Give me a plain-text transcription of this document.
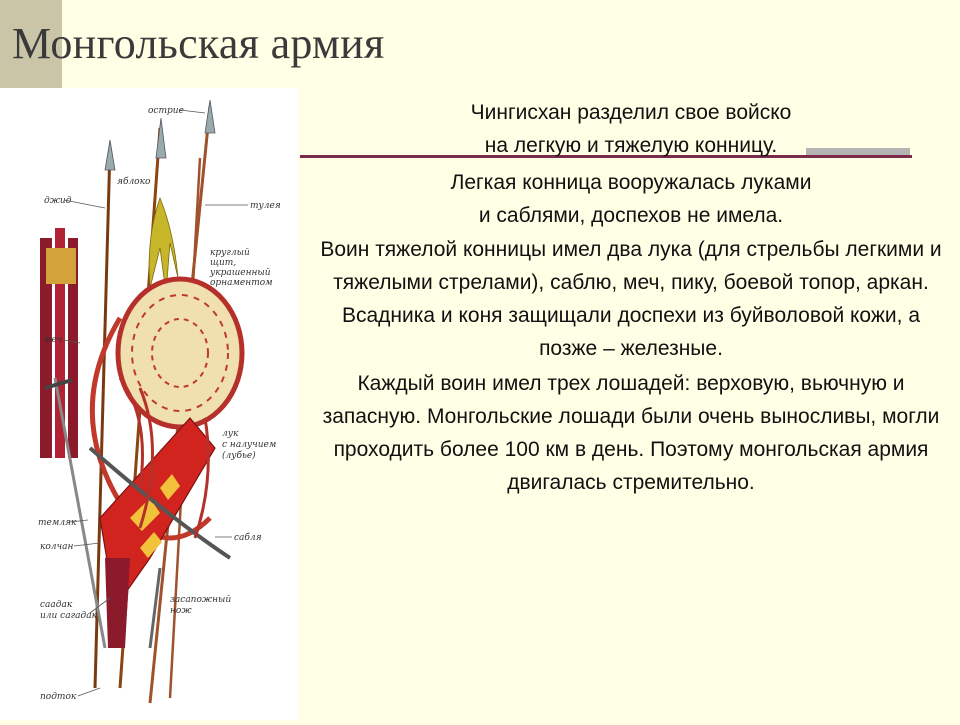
Монгольская армия
острие
яблоко
джид	тулея
круглый
щит,
украшенный
орнаментом
меч
лук
с налучием
(лубье)
темляк
колчан
сабля
саадак
или сагадак
засапожный
нож
подток

Чингисхан разделил свое войско
на легкую и тяжелую конницу.

Легкая конница вооружалась луками
и саблями, доспехов не имела.

Воин тяжелой конницы имел два лука (для стрельбы легкими и тяжелыми стрелами), саблю, меч, пику, боевой топор, аркан. Всадника и коня защищали доспехи из буйволовой кожи, а позже – железные.

Каждый воин имел трех лошадей: верховую, вьючную и запасную. Монгольские лошади были очень выносливы, могли проходить более 100 км в день. Поэтому монгольская армия двигалась стремительно.
